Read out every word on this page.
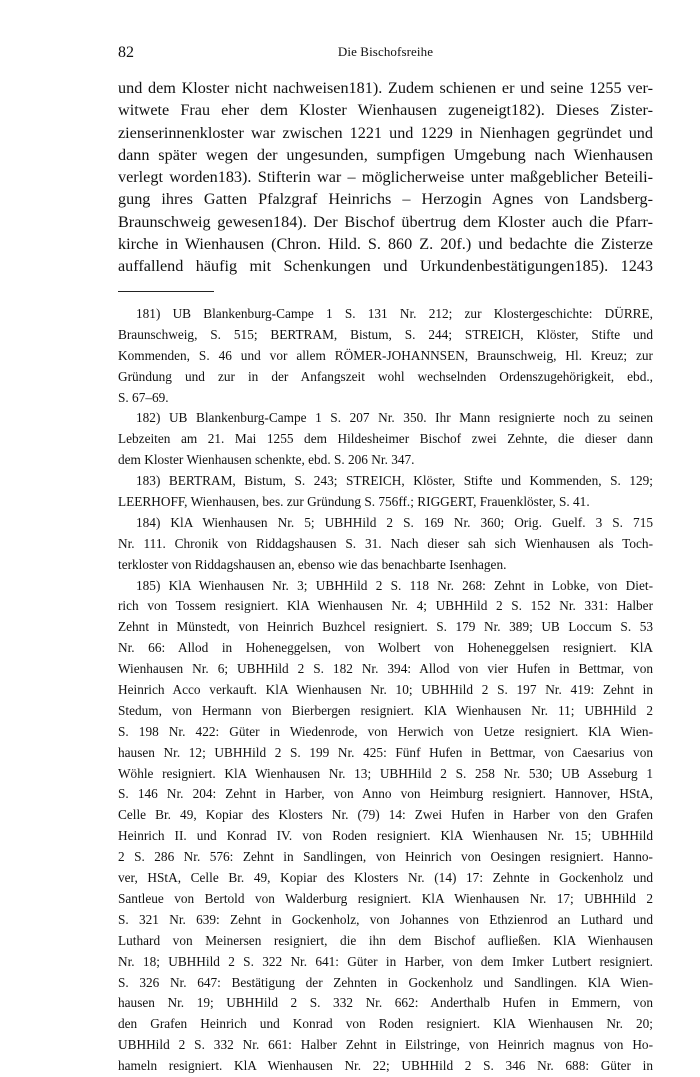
82	Die Bischofsreihe
und dem Kloster nicht nachweisen181). Zudem schienen er und seine 1255 ver-
witwete Frau eher dem Kloster Wienhausen zugeneigt182). Dieses Zister-
zienserinnenkloster war zwischen 1221 und 1229 in Nienhagen gegründet und
dann später wegen der ungesunden, sumpfigen Umgebung nach Wienhausen
verlegt worden183). Stifterin war – möglicherweise unter maßgeblicher Beteili-
gung ihres Gatten Pfalzgraf Heinrichs – Herzogin Agnes von Landsberg-
Braunschweig gewesen184). Der Bischof übertrug dem Kloster auch die Pfarr-
kirche in Wienhausen (Chron. Hild. S. 860 Z. 20f.) und bedachte die Zisterze
auffallend häufig mit Schenkungen und Urkundenbestätigungen185). 1243
181) UB Blankenburg-Campe 1 S. 131 Nr. 212; zur Klostergeschichte: DÜRRE,
Braunschweig, S. 515; BERTRAM, Bistum, S. 244; STREICH, Klöster, Stifte und
Kommenden, S. 46 und vor allem RÖMER-JOHANNSEN, Braunschweig, Hl. Kreuz; zur
Gründung und zur in der Anfangszeit wohl wechselnden Ordenszugehörigkeit, ebd.,
S. 67–69.
182) UB Blankenburg-Campe 1 S. 207 Nr. 350. Ihr Mann resignierte noch zu seinen
Lebzeiten am 21. Mai 1255 dem Hildesheimer Bischof zwei Zehnte, die dieser dann
dem Kloster Wienhausen schenkte, ebd. S. 206 Nr. 347.
183) BERTRAM, Bistum, S. 243; STREICH, Klöster, Stifte und Kommenden, S. 129;
LEERHOFF, Wienhausen, bes. zur Gründung S. 756ff.; RIGGERT, Frauenklöster, S. 41.
184) KlA Wienhausen Nr. 5; UBHHild 2 S. 169 Nr. 360; Orig. Guelf. 3 S. 715
Nr. 111. Chronik von Riddagshausen S. 31. Nach dieser sah sich Wienhausen als Toch-
terkloster von Riddagshausen an, ebenso wie das benachbarte Isenhagen.
185) KlA Wienhausen Nr. 3; UBHHild 2 S. 118 Nr. 268: Zehnt in Lobke, von Diet-
rich von Tossem resigniert. KlA Wienhausen Nr. 4; UBHHild 2 S. 152 Nr. 331: Halber
Zehnt in Münstedt, von Heinrich Buzhcel resigniert. S. 179 Nr. 389; UB Loccum S. 53
Nr. 66: Allod in Hoheneggelsen, von Wolbert von Hoheneggelsen resigniert. KlA
Wienhausen Nr. 6; UBHHild 2 S. 182 Nr. 394: Allod von vier Hufen in Bettmar, von
Heinrich Acco verkauft. KlA Wienhausen Nr. 10; UBHHild 2 S. 197 Nr. 419: Zehnt in
Stedum, von Hermann von Bierbergen resigniert. KlA Wienhausen Nr. 11; UBHHild 2
S. 198 Nr. 422: Güter in Wiedenrode, von Herwich von Uetze resigniert. KlA Wien-
hausen Nr. 12; UBHHild 2 S. 199 Nr. 425: Fünf Hufen in Bettmar, von Caesarius von
Wöhle resigniert. KlA Wienhausen Nr. 13; UBHHild 2 S. 258 Nr. 530; UB Asseburg 1
S. 146 Nr. 204: Zehnt in Harber, von Anno von Heimburg resigniert. Hannover, HStA,
Celle Br. 49, Kopiar des Klosters Nr. (79) 14: Zwei Hufen in Harber von den Grafen
Heinrich II. und Konrad IV. von Roden resigniert. KlA Wienhausen Nr. 15; UBHHild
2 S. 286 Nr. 576: Zehnt in Sandlingen, von Heinrich von Oesingen resigniert. Hanno-
ver, HStA, Celle Br. 49, Kopiar des Klosters Nr. (14) 17: Zehnte in Gockenholz und
Santleue von Bertold von Walderburg resigniert. KlA Wienhausen Nr. 17; UBHHild 2
S. 321 Nr. 639: Zehnt in Gockenholz, von Johannes von Ethzienrod an Luthard und
Luthard von Meinersen resigniert, die ihn dem Bischof aufließen. KlA Wienhausen
Nr. 18; UBHHild 2 S. 322 Nr. 641: Güter in Harber, von dem Imker Lutbert resigniert.
S. 326 Nr. 647: Bestätigung der Zehnten in Gockenholz und Sandlingen. KlA Wien-
hausen Nr. 19; UBHHild 2 S. 332 Nr. 662: Anderthalb Hufen in Emmern, von
den Grafen Heinrich und Konrad von Roden resigniert. KlA Wienhausen Nr. 20;
UBHHild 2 S. 332 Nr. 661: Halber Zehnt in Eilstringe, von Heinrich magnus von Ho-
hameln resigniert. KlA Wienhausen Nr. 22; UBHHild 2 S. 346 Nr. 688: Güter in
